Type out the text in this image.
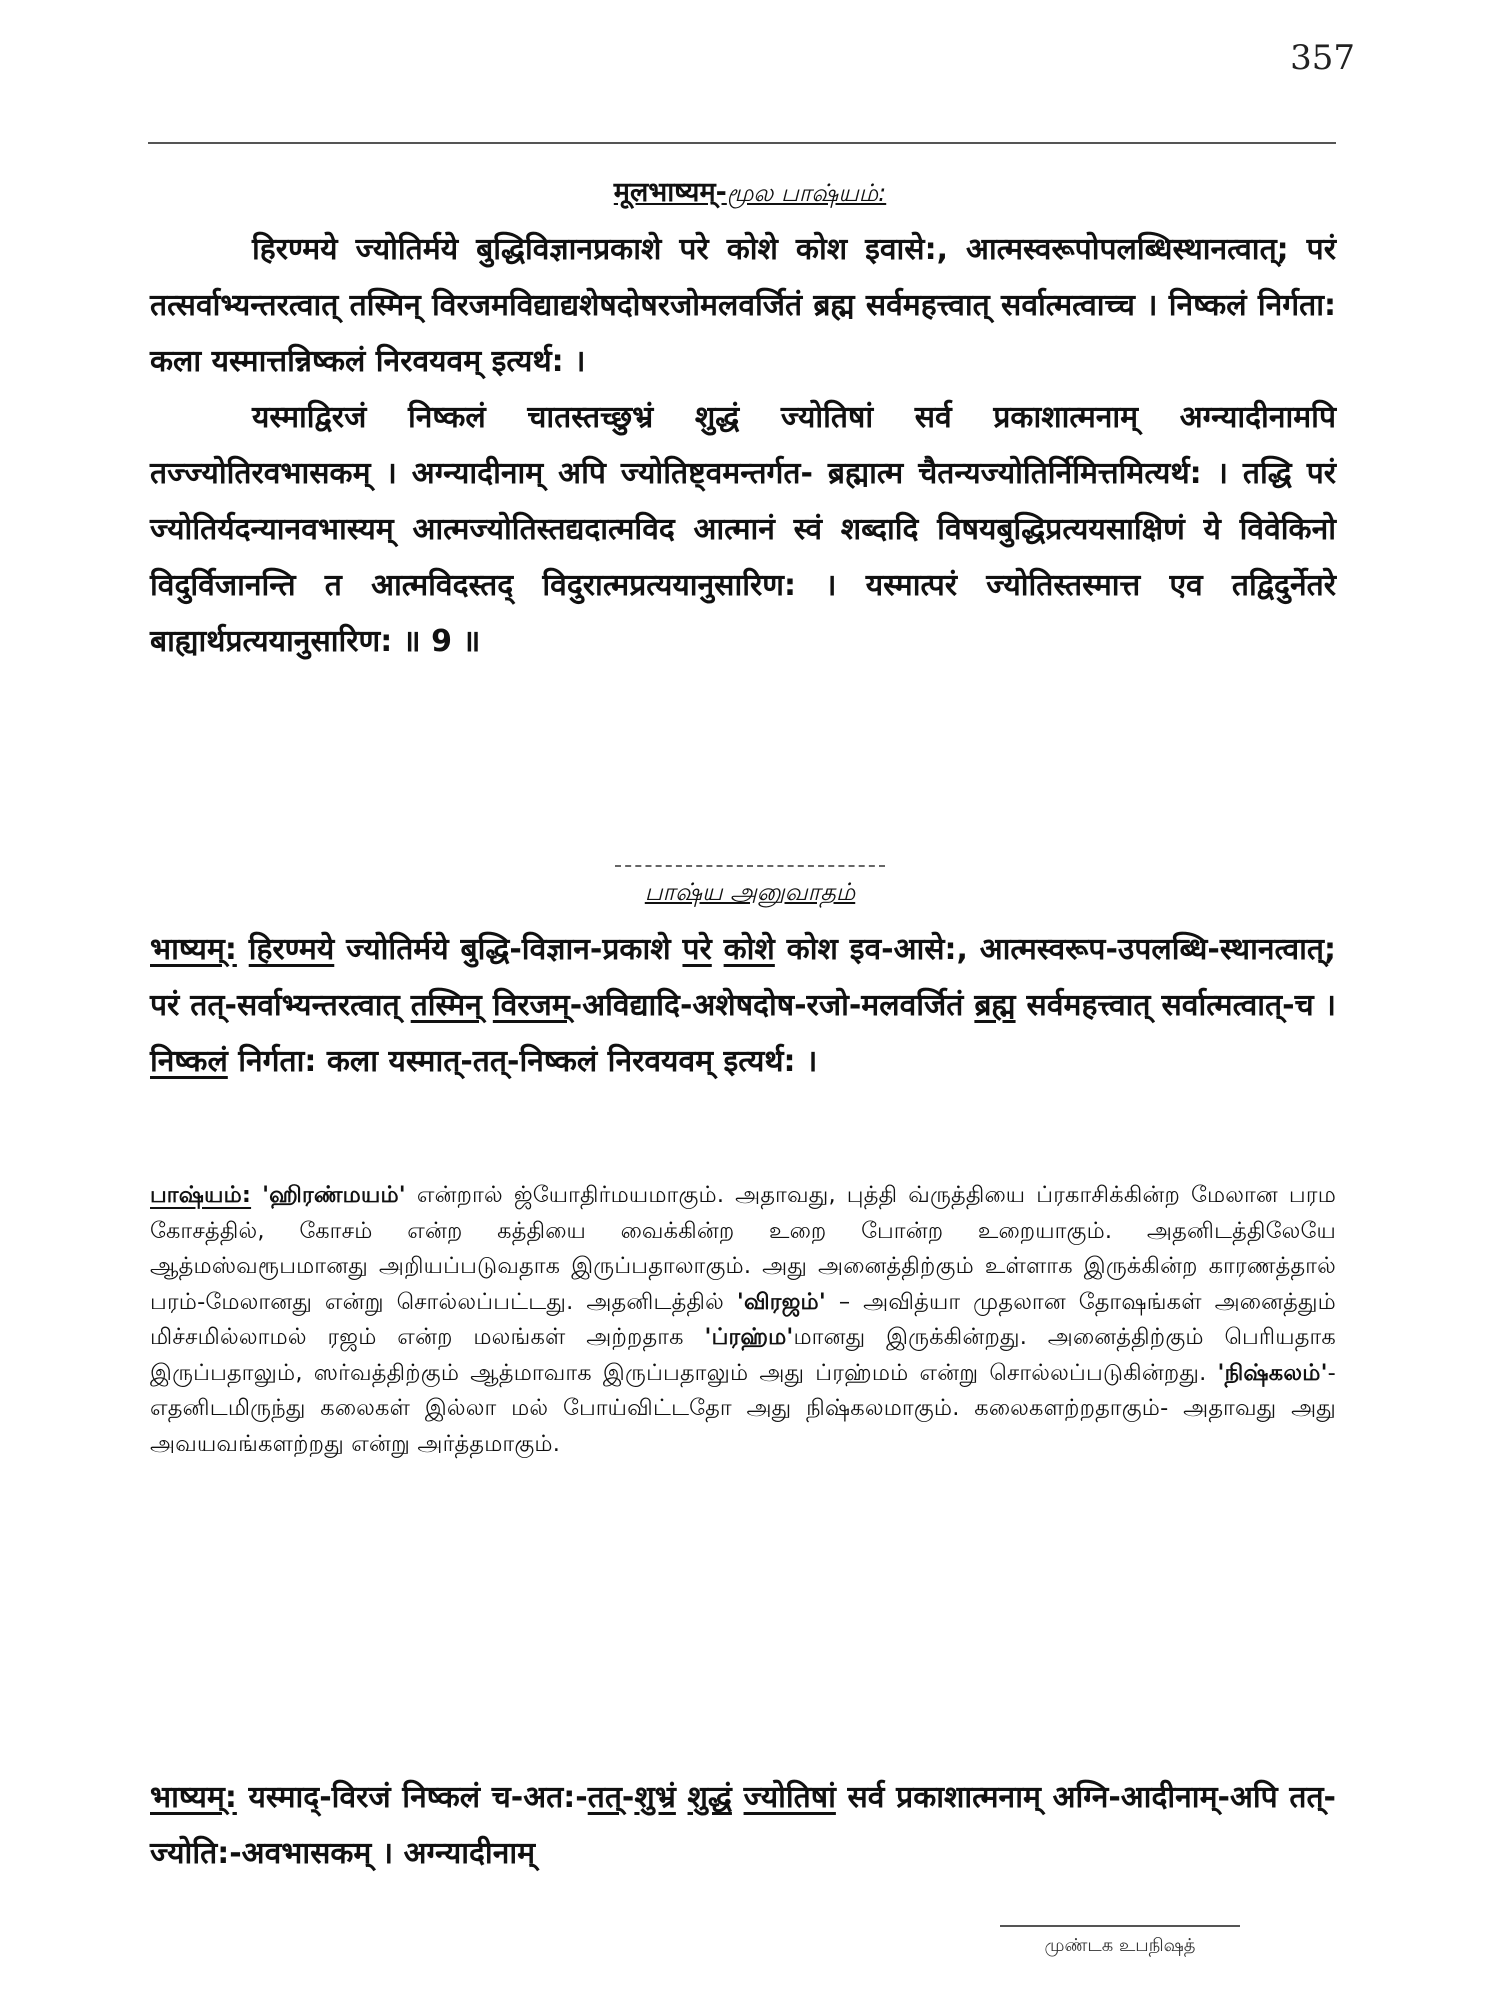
357
मूलभाष्यम्-மூல பாஷ்யம்:

हिरण्मये ज्योतिर्मये बुद्धिविज्ञानप्रकाशे परे कोशे कोश इवासे:, आत्मस्वरूपोपलब्धिस्थानत्वात्; परं तत्सर्वाभ्यन्तरत्वात् तस्मिन् विरजमविद्याद्यशेषदोषरजोमलवर्जितं ब्रह्म सर्वमहत्त्वात् सर्वात्मत्वाच्च । निष्कलं निर्गता: कला यस्मात्तन्निष्कलं निरवयवम् इत्यर्थ: ।

यस्माद्विरजं निष्कलं चातस्तच्छुभ्रं शुद्धं ज्योतिषां सर्व प्रकाशात्मनाम् अग्न्यादीनामपि तज्ज्योतिरवभासकम् । अग्न्यादीनाम् अपि ज्योतिष्ट्वमन्तर्गत- ब्रह्मात्म चैतन्यज्योतिर्निमित्तमित्यर्थ: । तद्धि परं ज्योतिर्यदन्यानवभास्यम् आत्मज्योतिस्तद्यदात्मविद आत्मानं स्वं शब्दादि विषयबुद्धिप्रत्ययसाक्षिणं ये विवेकिनो विदुर्विजानन्ति त आत्मविदस्तद् विदुरात्मप्रत्ययानुसारिण: । यस्मात्परं ज्योतिस्तस्मात्त एव तद्विदुर्नेतरे बाह्यार्थप्रत्ययानुसारिण: ॥ 9 ॥

பாஷ்ய அனுவாதம்

भाष्यम्: हिरण्मये ज्योतिर्मये बुद्धि-विज्ञान-प्रकाशे परे कोशे कोश इव-आसे:, आत्मस्वरूप-उपलब्धि-स्थानत्वात्; परं तत्-सर्वाभ्यन्तरत्वात् तस्मिन् विरजम्-अविद्यादि-अशेषदोष-रजो-मलवर्जितं ब्रह्म सर्वमहत्त्वात् सर्वात्मत्वात्-च । निष्कलं निर्गता: कला यस्मात्-तत्-निष्कलं निरवयवम् इत्यर्थ: ।

பாஷ்யம்: 'ஹிரண்மயம்' என்றால் ஜ்யோதிர்மயமாகும். அதாவது, புத்தி வ்ருத்தியை ப்ரகாசிக்கின்ற மேலான பரம கோசத்தில், கோசம் என்ற கத்தியை வைக்கின்ற உறை போன்ற உறையாகும். அதனிடத்திலேயே ஆத்மஸ்வரூபமானது அறியப்படுவதாக இருப்பதாலாகும். அது அனைத்திற்கும் உள்ளாக இருக்கின்ற காரணத்தால் பரம்-மேலானது என்று சொல்லப்பட்டது. அதனிடத்தில் 'விரஜம்' – அவித்யா முதலான தோஷங்கள் அனைத்தும் மிச்சமில்லாமல் ரஜம் என்ற மலங்கள் அற்றதாக 'ப்ரஹ்ம'மானது இருக்கின்றது. அனைத்திற்கும் பெரியதாக இருப்பதாலும், ஸர்வத்திற்கும் ஆத்மாவாக இருப்பதாலும் அது ப்ரஹ்மம் என்று சொல்லப்படுகின்றது. 'நிஷ்கலம்'- எதனிடமிருந்து கலைகள் இல்லா மல் போய்விட்டதோ அது நிஷ்கலமாகும். கலைகளற்றதாகும்- அதாவது அது அவயவங்களற்றது என்று அர்த்தமாகும்.

भाष्यम्: यस्माद्-विरजं निष्कलं च-अत:-तत्-शुभ्रं शुद्धं ज्योतिषां सर्व प्रकाशात्मनाम् अग्नि-आदीनाम्-अपि तत्-ज्योति:-अवभासकम् । अग्न्यादीनाम्

முண்டக உபநிஷத்
